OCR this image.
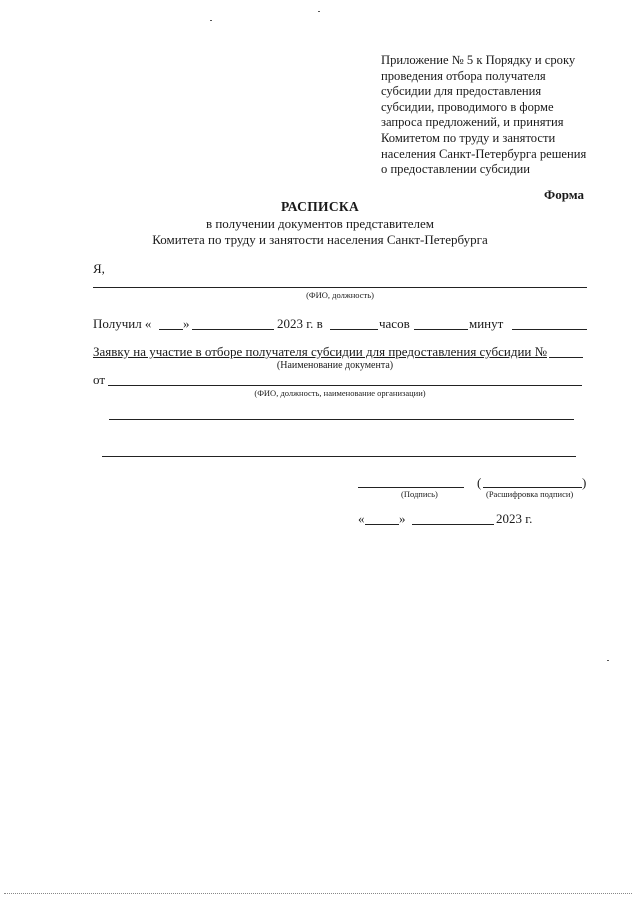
Приложение № 5 к Порядку и сроку
проведения отбора получателя
субсидии для предоставления
субсидии, проводимого в форме
запроса предложений, и принятия
Комитетом по труду и занятости
населения Санкт-Петербурга решения
о предоставлении субсидии
Форма
РАСПИСКА
в получении документов представителем
Комитета по труду и занятости населения Санкт-Петербурга
Я,
(ФИО, должность)
Получил « »	2023 г. в	часов	минут
Заявку на участие в отборе получателя субсидии для предоставления субсидии №
(Наименование документа)
от
(ФИО, должность, наименование организации)
(	)
(Подпись)	(Расшифровка подписи)
«	»	2023 г.
